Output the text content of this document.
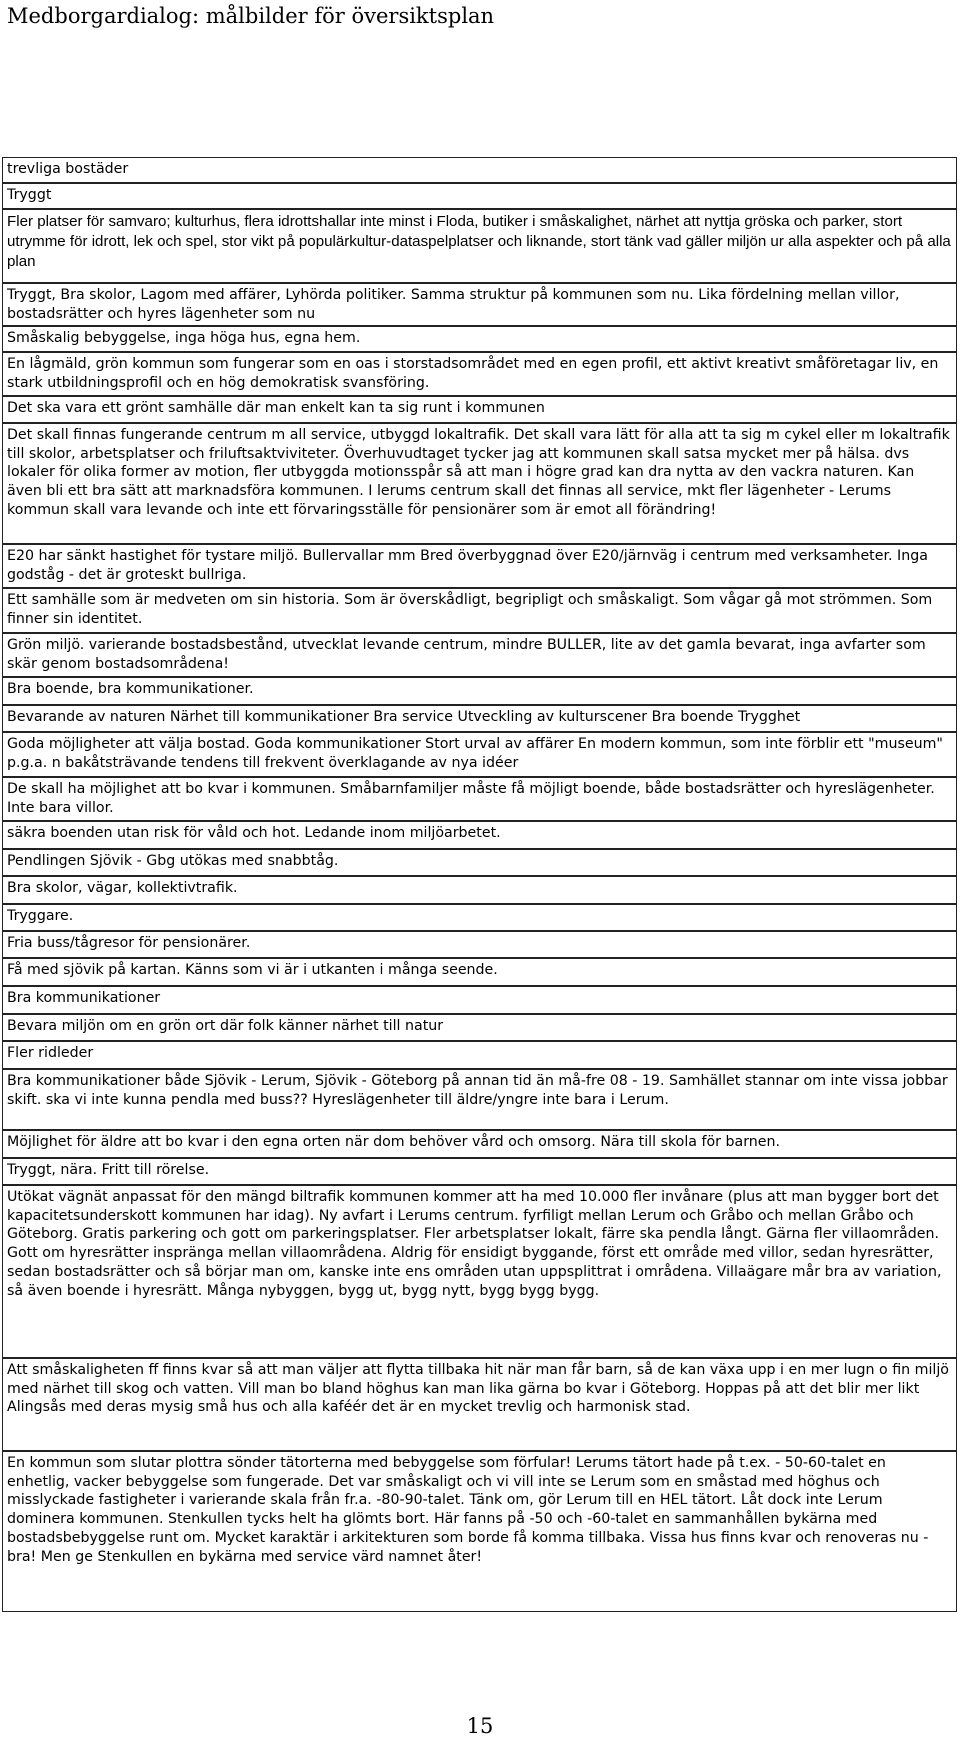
Medborgardialog: målbilder för översiktsplan
trevliga bostäder
Tryggt
Fler platser för samvaro; kulturhus, flera idrottshallar inte minst i Floda, butiker i småskalighet, närhet att nyttja gröska och parker, stort utrymme för idrott, lek och spel, stor vikt på populärkultur-dataspelplatser och liknande, stort tänk vad gäller miljön ur alla aspekter och på alla plan
Tryggt, Bra skolor, Lagom med affärer, Lyhörda politiker. Samma struktur på kommunen som nu. Lika fördelning mellan villor, bostadsrätter och hyres lägenheter som nu
Småskalig bebyggelse, inga höga hus, egna hem.
En lågmäld, grön kommun som fungerar som en oas i storstadsområdet med en egen profil, ett aktivt kreativt småföretagar liv, en stark utbildningsprofil och en hög demokratisk svansföring.
Det ska vara ett grönt samhälle där man enkelt kan ta sig runt i kommunen
Det skall finnas fungerande centrum m all service, utbyggd lokaltrafik. Det skall vara lätt för alla att ta sig m cykel eller m lokaltrafik till skolor, arbetsplatser och friluftsaktviviteter. Överhuvudtaget tycker jag att kommunen skall satsa mycket mer på hälsa. dvs lokaler för olika former av motion, fler utbyggda motionsspår så att man i högre grad kan dra nytta av den vackra naturen. Kan även bli ett bra sätt att marknadsföra kommunen. I lerums centrum skall det finnas all service, mkt fler lägenheter - Lerums kommun skall vara levande och inte ett förvaringsställe för pensionärer som är emot all förändring!
E20 har sänkt hastighet för tystare miljö. Bullervallar mm Bred överbyggnad över E20/järnväg i centrum med verksamheter. Inga godståg - det är groteskt bullriga.
Ett samhälle som är medveten om sin historia. Som är överskådligt, begripligt och småskaligt. Som vågar gå mot strömmen. Som finner sin identitet.
Grön miljö. varierande bostadsbestånd, utvecklat levande centrum, mindre BULLER, lite av det gamla bevarat, inga avfarter som skär genom bostadsområdena!
Bra boende, bra kommunikationer.
Bevarande av naturen Närhet till kommunikationer Bra service Utveckling av kulturscener Bra boende Trygghet
Goda möjligheter att välja bostad. Goda kommunikationer Stort urval av affärer En modern kommun, som inte förblir ett "museum" p.g.a. n bakåtsträvande tendens till frekvent överklagande av nya idéer
De skall ha möjlighet att bo kvar i kommunen. Småbarnfamiljer måste få möjligt boende, både bostadsrätter och hyreslägenheter. Inte bara villor.
säkra boenden utan risk för våld och hot. Ledande inom miljöarbetet.
Pendlingen Sjövik - Gbg utökas med snabbtåg.
Bra skolor, vägar, kollektivtrafik.
Tryggare.
Fria buss/tågresor för pensionärer.
Få med sjövik på kartan. Känns som vi är i utkanten i många seende.
Bra kommunikationer
Bevara miljön om en grön ort där folk känner närhet till natur
Fler ridleder
Bra kommunikationer både Sjövik - Lerum, Sjövik - Göteborg på annan tid än må-fre 08 - 19. Samhället stannar om inte vissa jobbar skift. ska vi inte kunna pendla med buss?? Hyreslägenheter till äldre/yngre inte bara i Lerum.
Möjlighet för äldre att bo kvar i den egna orten när dom behöver vård och omsorg. Nära till skola för barnen.
Tryggt, nära. Fritt till rörelse.
Utökat vägnät anpassat för den mängd biltrafik kommunen kommer att ha med 10.000 fler invånare (plus att man bygger bort det kapacitetsunderskott kommunen har idag). Ny avfart i Lerums centrum. fyrfiligt mellan Lerum och Gråbo och mellan Gråbo och Göteborg. Gratis parkering och gott om parkeringsplatser. Fler arbetsplatser lokalt, färre ska pendla långt. Gärna fler villaområden. Gott om hyresrätter inspränga mellan villaområdena. Aldrig för ensidigt byggande, först ett område med villor, sedan hyresrätter, sedan bostadsrätter och så börjar man om, kanske inte ens områden utan uppsplittrat i områdena. Villaägare mår bra av variation, så även boende i hyresrätt. Många nybyggen, bygg ut, bygg nytt, bygg bygg bygg.
Att småskaligheten ff finns kvar så att man väljer att flytta tillbaka hit när man får barn, så de kan växa upp i en mer lugn o fin miljö med närhet till skog och vatten. Vill man bo bland höghus kan man lika gärna bo kvar i Göteborg. Hoppas på att det blir mer likt Alingsås med deras mysig små hus och alla kaféér det är en mycket trevlig och harmonisk stad.
En kommun som slutar plottra sönder tätorterna med bebyggelse som förfular! Lerums tätort hade på t.ex. - 50-60-talet en enhetlig, vacker bebyggelse som fungerade. Det var småskaligt och vi vill inte se Lerum som en småstad med höghus och misslyckade fastigheter i varierande skala från fr.a. -80-90-talet. Tänk om, gör Lerum till en HEL tätort. Låt dock inte Lerum dominera kommunen. Stenkullen tycks helt ha glömts bort. Här fanns på -50 och -60-talet en sammanhållen bykärna med bostadsbebyggelse runt om. Mycket karaktär i arkitekturen som borde få komma tillbaka. Vissa hus finns kvar och renoveras nu - bra! Men ge Stenkullen en bykärna med service värd namnet åter!
15
